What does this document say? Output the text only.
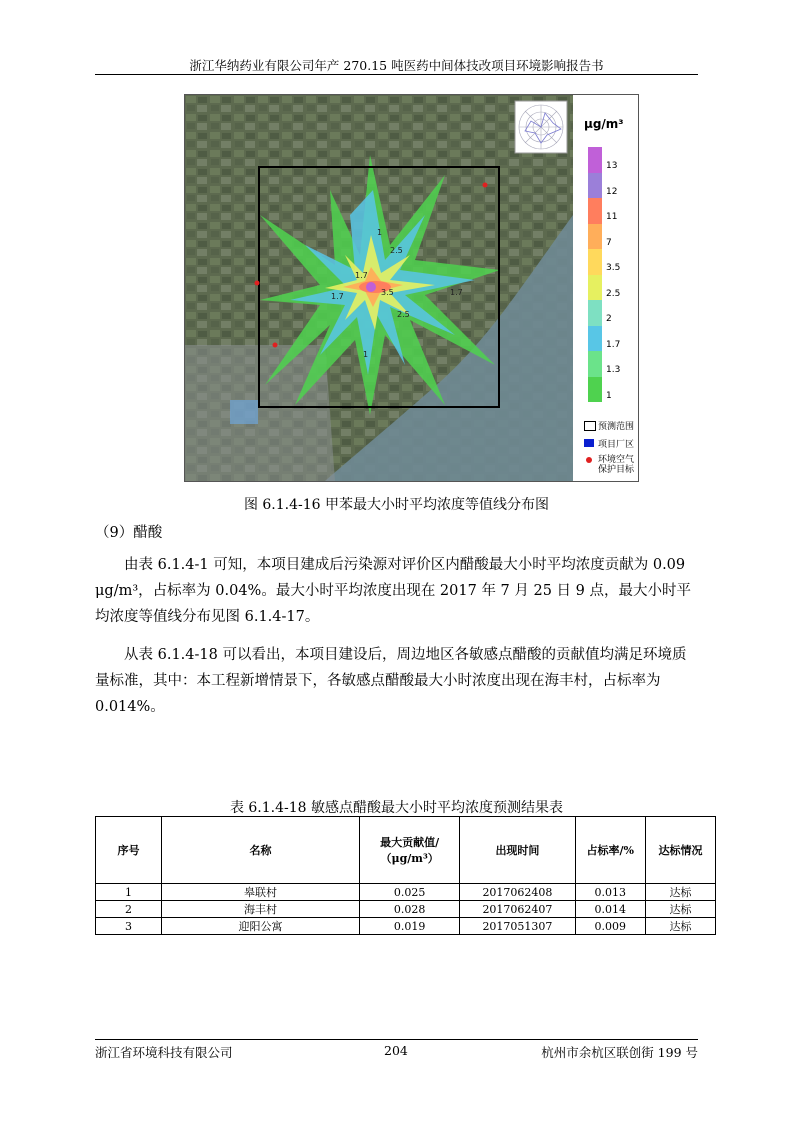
浙江华纳药业有限公司年产 270.15 吨医药中间体技改项目环境影响报告书
1.7
1
2.5
1.7
1.7
2.5
3.5
1
μg/m³
13
12
11
7
3.5
2.5
2
1.7
1.3
1
预测范围
项目厂区
环境空气保护目标
图 6.1.4-16 甲苯最大小时平均浓度等值线分布图
（9）醋酸
由表 6.1.4-1 可知，本项目建成后污染源对评价区内醋酸最大小时平均浓度贡献为 0.09 μg/m³，占标率为 0.04%。最大小时平均浓度出现在 2017 年 7 月 25 日 9 点，最大小时平均浓度等值线分布见图 6.1.4-17。
从表 6.1.4-18 可以看出，本项目建设后，周边地区各敏感点醋酸的贡献值均满足环境质量标准，其中：本工程新增情景下，各敏感点醋酸最大小时浓度出现在海丰村，占标率为 0.014%。
表 6.1.4-18 敏感点醋酸最大小时平均浓度预测结果表
序号	名称	最大贡献值/（μg/m³）	出现时间	占标率/%	达标情况
1	皋联村	0.025	2017062408	0.013	达标
2	海丰村	0.028	2017062407	0.014	达标
3	迎阳公寓	0.019	2017051307	0.009	达标
浙江省环境科技有限公司	204	杭州市余杭区联创街 199 号
